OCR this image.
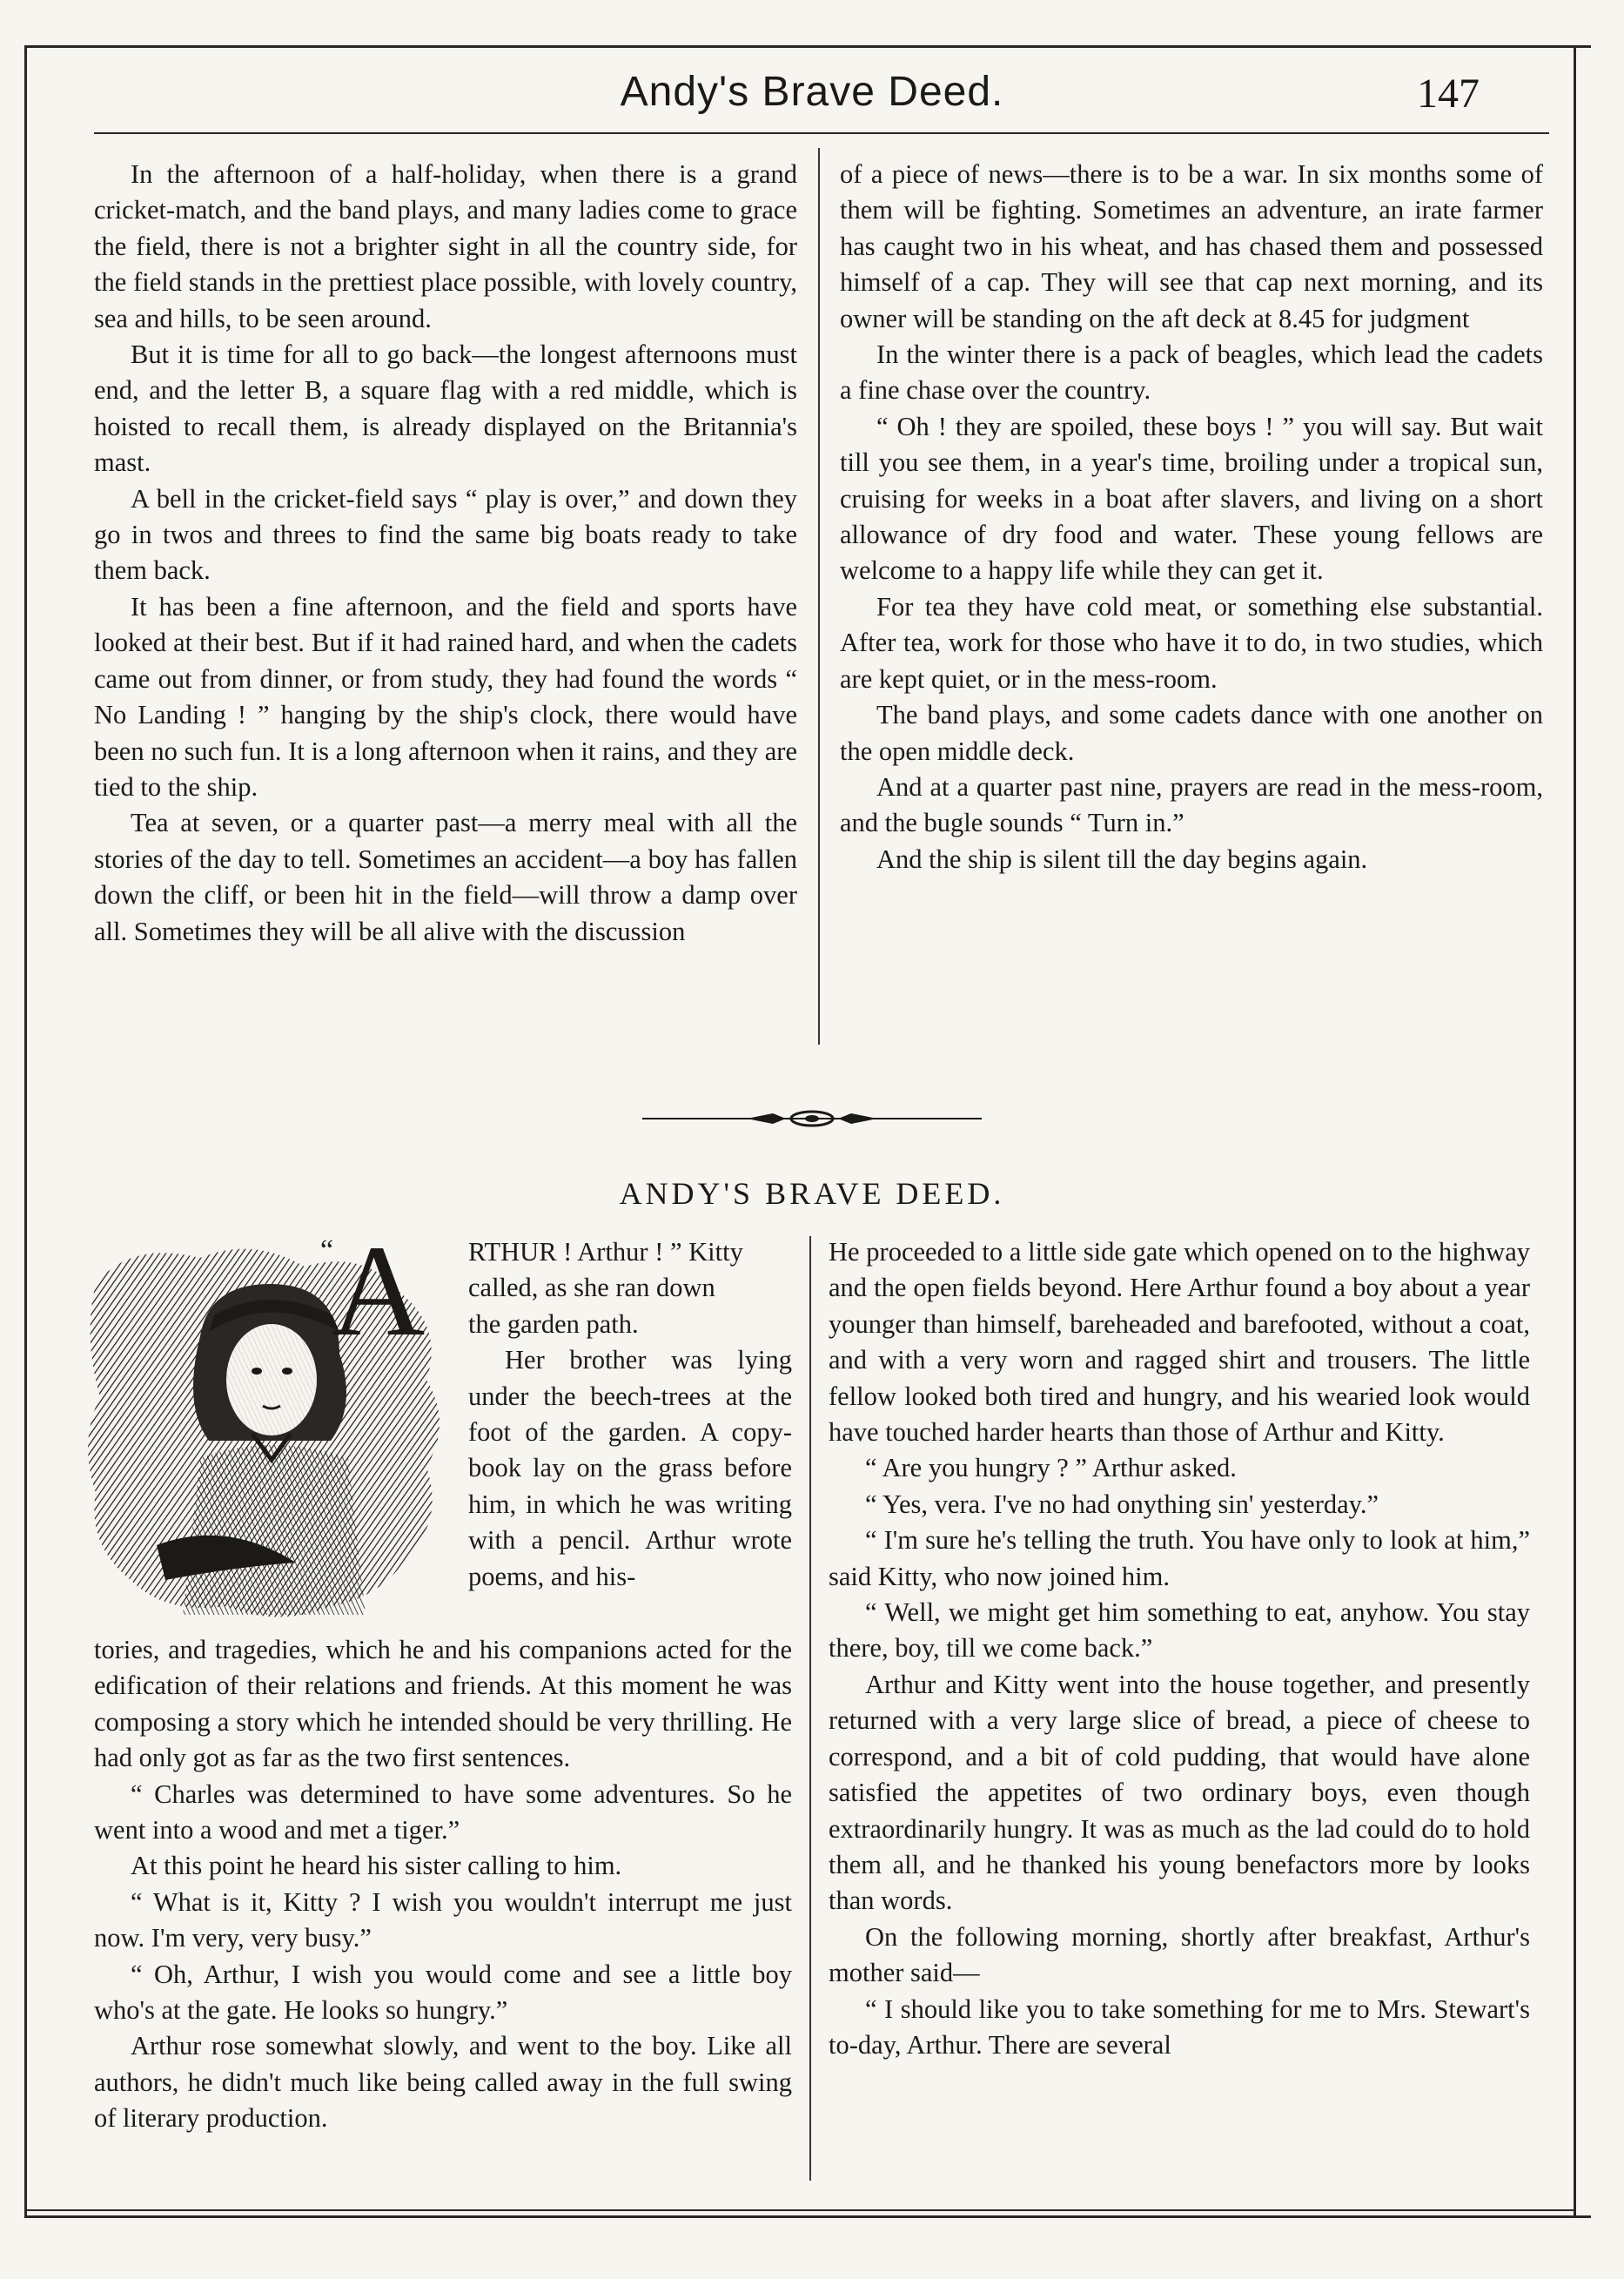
Andy's Brave Deed.	147

In the afternoon of a half-holiday, when there is a grand cricket-match, and the band plays, and many ladies come to grace the field, there is not a brighter sight in all the country side, for the field stands in the prettiest place possible, with lovely country, sea and hills, to be seen around.

But it is time for all to go back—the longest afternoons must end, and the letter B, a square flag with a red middle, which is hoisted to recall them, is already displayed on the Britannia's mast.

A bell in the cricket-field says “ play is over,” and down they go in twos and threes to find the same big boats ready to take them back.

It has been a fine afternoon, and the field and sports have looked at their best. But if it had rained hard, and when the cadets came out from dinner, or from study, they had found the words “ No Landing ! ” hanging by the ship's clock, there would have been no such fun. It is a long afternoon when it rains, and they are tied to the ship.

Tea at seven, or a quarter past—a merry meal with all the stories of the day to tell. Sometimes an accident—a boy has fallen down the cliff, or been hit in the field—will throw a damp over all. Sometimes they will be all alive with the discussion

of a piece of news—there is to be a war. In six months some of them will be fighting. Sometimes an adventure, an irate farmer has caught two in his wheat, and has chased them and possessed himself of a cap. They will see that cap next morning, and its owner will be standing on the aft deck at 8.45 for judgment

In the winter there is a pack of beagles, which lead the cadets a fine chase over the country.

“ Oh ! they are spoiled, these boys ! ” you will say. But wait till you see them, in a year's time, broiling under a tropical sun, cruising for weeks in a boat after slavers, and living on a short allowance of dry food and water. These young fellows are welcome to a happy life while they can get it.

For tea they have cold meat, or something else substantial. After tea, work for those who have it to do, in two studies, which are kept quiet, or in the mess-room.

The band plays, and some cadets dance with one another on the open middle deck.

And at a quarter past nine, prayers are read in the mess-room, and the bugle sounds “ Turn in.”

And the ship is silent till the day begins again.

ANDY'S BRAVE DEED.
“
A RTHUR ! Arthur ! ” Kitty

called, as she ran down

the garden path.

Her brother was lying under the beech-trees at the foot of the garden. A copy-book lay on the grass before him, in which he was writing with a pencil. Arthur wrote poems, and his-

tories, and tragedies, which he and his companions acted for the edification of their relations and friends. At this moment he was composing a story which he intended should be very thrilling. He had only got as far as the two first sentences.

“ Charles was determined to have some adventures. So he went into a wood and met a tiger.”

At this point he heard his sister calling to him.

“ What is it, Kitty ? I wish you wouldn't interrupt me just now. I'm very, very busy.”

“ Oh, Arthur, I wish you would come and see a little boy who's at the gate. He looks so hungry.”

Arthur rose somewhat slowly, and went to the boy. Like all authors, he didn't much like being called away in the full swing of literary production.

He proceeded to a little side gate which opened on to the highway and the open fields beyond. Here Arthur found a boy about a year younger than himself, bareheaded and barefooted, without a coat, and with a very worn and ragged shirt and trousers. The little fellow looked both tired and hungry, and his wearied look would have touched harder hearts than those of Arthur and Kitty.

“ Are you hungry ? ” Arthur asked.

“ Yes, vera. I've no had onything sin' yesterday.”

“ I'm sure he's telling the truth. You have only to look at him,” said Kitty, who now joined him.

“ Well, we might get him something to eat, anyhow. You stay there, boy, till we come back.”

Arthur and Kitty went into the house together, and presently returned with a very large slice of bread, a piece of cheese to correspond, and a bit of cold pudding, that would have alone satisfied the appetites of two ordinary boys, even though extraordinarily hungry. It was as much as the lad could do to hold them all, and he thanked his young benefactors more by looks than words.

On the following morning, shortly after breakfast, Arthur's mother said—

“ I should like you to take something for me to Mrs. Stewart's to-day, Arthur. There are several
